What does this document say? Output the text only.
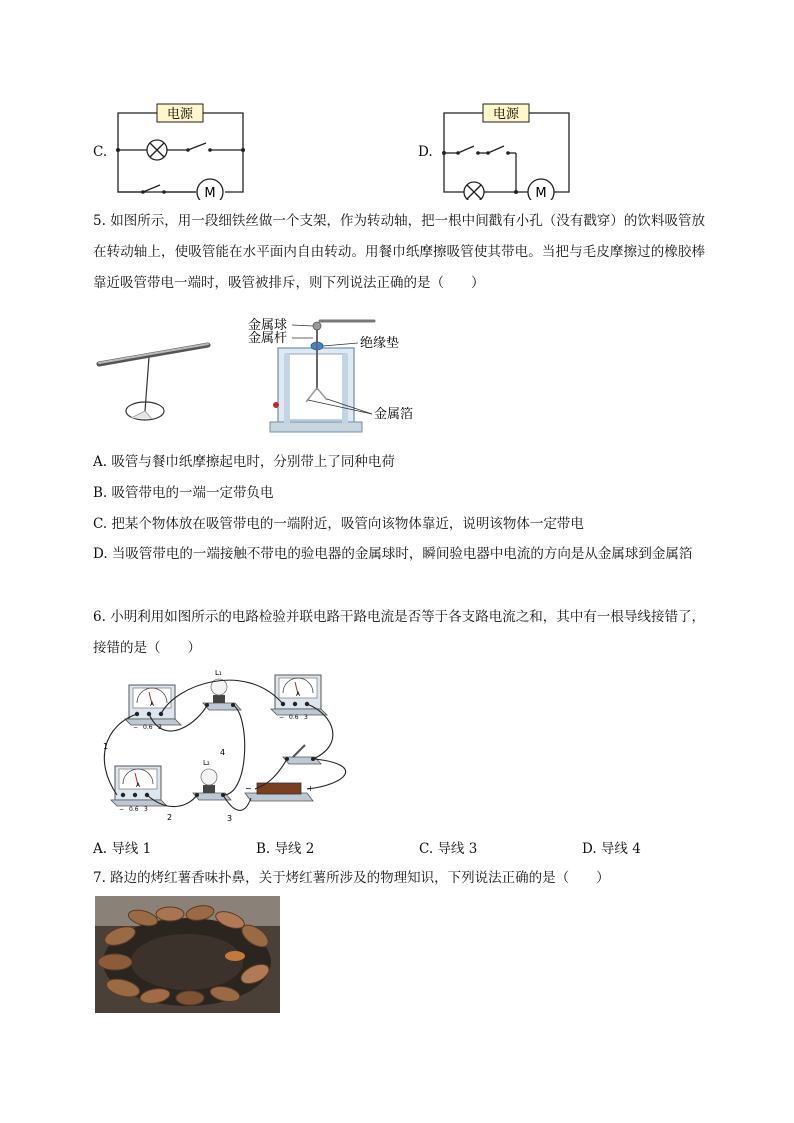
C.
电源
M
D.
电源
M
5. 如图所示，用一段细铁丝做一个支架，作为转动轴，把一根中间戳有小孔（没有戳穿）的饮料吸管放在转动轴上，使吸管能在水平面内自由转动。用餐巾纸摩擦吸管使其带电。当把与毛皮摩擦过的橡胶棒靠近吸管带电一端时，吸管被排斥，则下列说法正确的是（　　）
金属球
金属杆	绝缘垫
金属箔
A. 吸管与餐巾纸摩擦起电时，分别带上了同种电荷
B. 吸管带电的一端一定带负电
C. 把某个物体放在吸管带电的一端附近，吸管向该物体靠近，说明该物体一定带电
D. 当吸管带电的一端接触不带电的验电器的金属球时，瞬间验电器中电流的方向是从金属球到金属箔
6. 小明利用如图所示的电路检验并联电路干路电流是否等于各支路电流之和，其中有一根导线接错了，接错的是（　　）
A
− 0.6 3
A
− 0.6 3
A
− 0.6 3
L₁
L₂
−	+
1
2	3
4
A. 导线 1	B. 导线 2	C. 导线 3	D. 导线 4
7. 路边的烤红薯香味扑鼻，关于烤红薯所涉及的物理知识，下列说法正确的是（　　）
